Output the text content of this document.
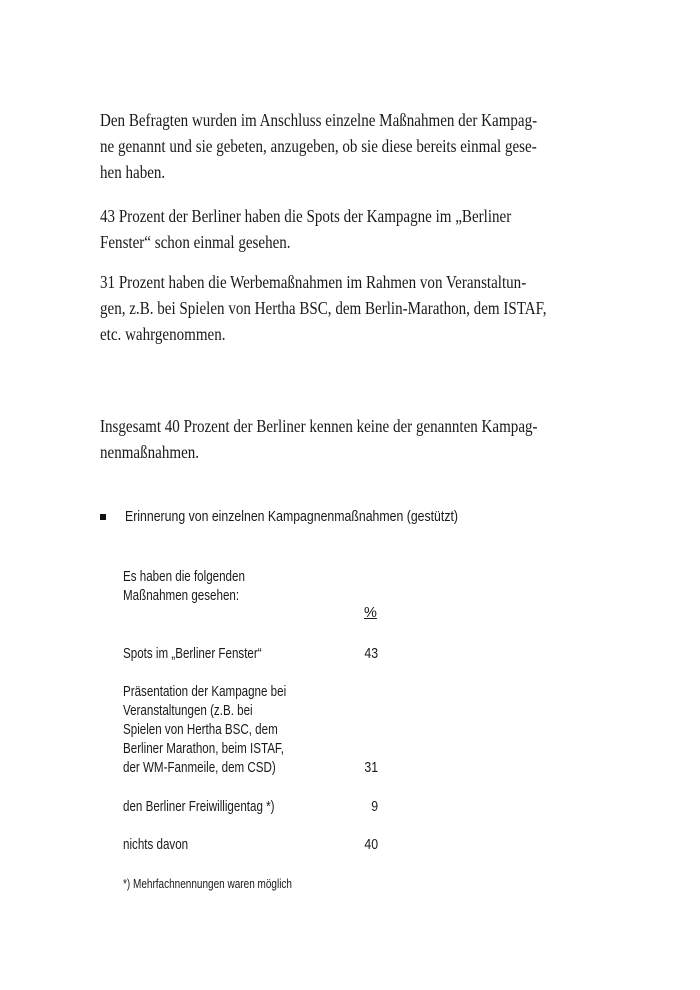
Den Befragten wurden im Anschluss einzelne Maßnahmen der Kampag-
ne genannt und sie gebeten, anzugeben, ob sie diese bereits einmal gese-
hen haben.
43 Prozent der Berliner haben die Spots der Kampagne im „Berliner
Fenster“ schon einmal gesehen.
31 Prozent haben die Werbemaßnahmen im Rahmen von Veranstaltun-
gen, z.B. bei Spielen von Hertha BSC, dem Berlin-Marathon, dem ISTAF,
etc. wahrgenommen.
Insgesamt 40 Prozent der Berliner kennen keine der genannten Kampag-
nenmaßnahmen.
Erinnerung von einzelnen Kampagnenmaßnahmen (gestützt)
Es haben die folgenden
Maßnahmen gesehen:
%
Spots im „Berliner Fenster“	43
Präsentation der Kampagne bei
Veranstaltungen (z.B. bei
Spielen von Hertha BSC, dem
Berliner Marathon, beim ISTAF,
der WM-Fanmeile, dem CSD)	31
den Berliner Freiwilligentag *)	9
nichts davon	40
*) Mehrfachnennungen waren möglich
